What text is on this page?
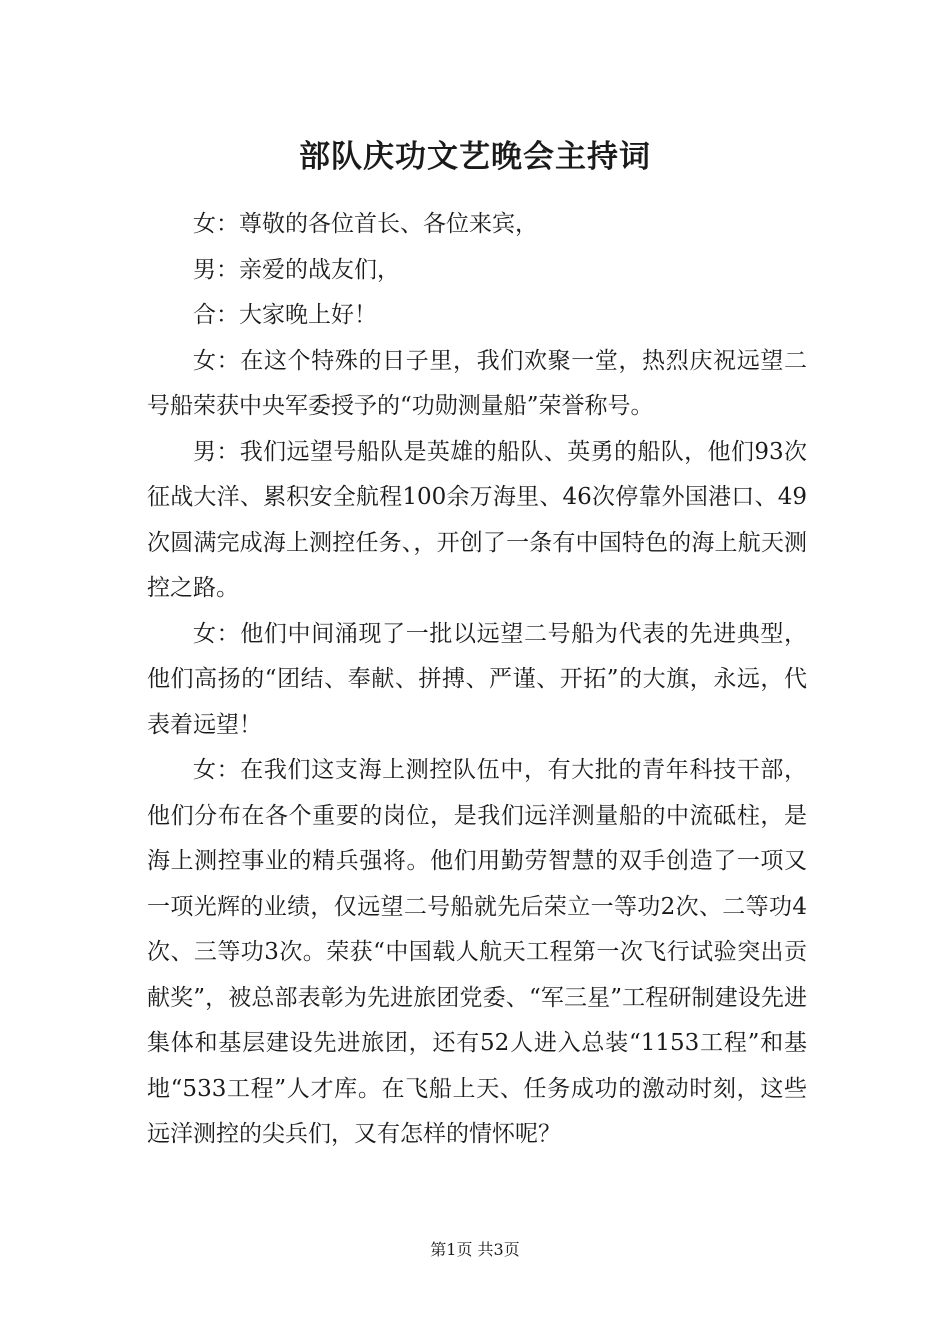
部队庆功文艺晚会主持词

女：尊敬的各位首长、各位来宾，

男：亲爱的战友们，

合：大家晚上好！

女：在这个特殊的日子里，我们欢聚一堂，热烈庆祝远望二号船荣获中央军委授予的“功勋测量船”荣誉称号。

男：我们远望号船队是英雄的船队、英勇的船队，他们93次征战大洋、累积安全航程100余万海里、46次停靠外国港口、49次圆满完成海上测控任务、，开创了一条有中国特色的海上航天测控之路。

女：他们中间涌现了一批以远望二号船为代表的先进典型，他们高扬的“团结、奉献、拼搏、严谨、开拓”的大旗，永远，代表着远望！

女：在我们这支海上测控队伍中，有大批的青年科技干部，他们分布在各个重要的岗位，是我们远洋测量船的中流砥柱，是海上测控事业的精兵强将。他们用勤劳智慧的双手创造了一项又一项光辉的业绩，仅远望二号船就先后荣立一等功2次、二等功4次、三等功3次。荣获“中国载人航天工程第一次飞行试验突出贡献奖”，被总部表彰为先进旅团党委、“军三星”工程研制建设先进集体和基层建设先进旅团，还有52人进入总装“1153工程”和基地“533工程”人才库。在飞船上天、任务成功的激动时刻，这些远洋测控的尖兵们，又有怎样的情怀呢？

第1页 共3页
